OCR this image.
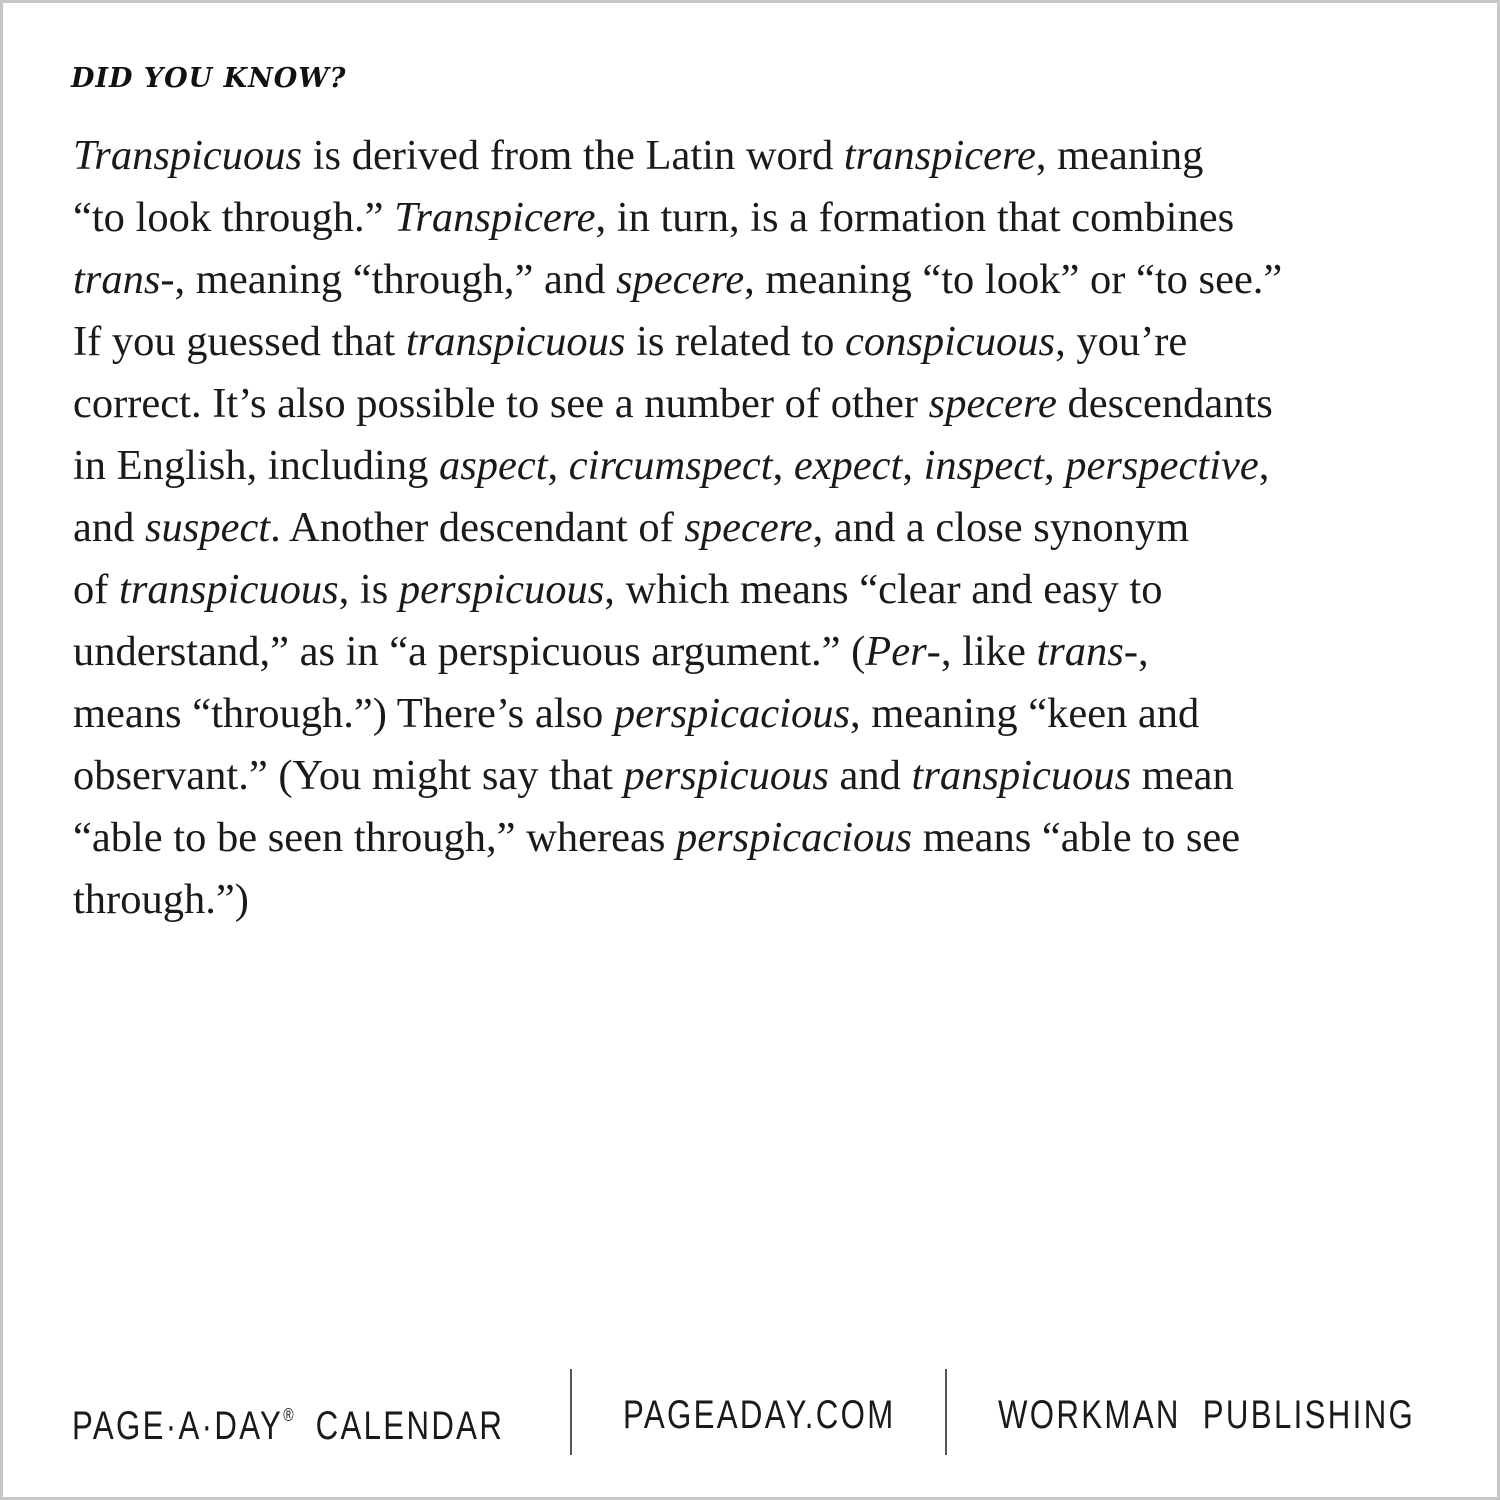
DID YOU KNOW?
Transpicuous is derived from the Latin word transpicere, meaning
“to look through.” Transpicere, in turn, is a formation that combines
trans-, meaning “through,” and specere, meaning “to look” or “to see.”
If you guessed that transpicuous is related to conspicuous, you’re
correct. It’s also possible to see a number of other specere descendants
in English, including aspect, circumspect, expect, inspect, perspective,
and suspect. Another descendant of specere, and a close synonym
of transpicuous, is perspicuous, which means “clear and easy to
understand,” as in “a perspicuous argument.” (Per-, like trans-,
means “through.”) There’s also perspicacious, meaning “keen and
observant.” (You might say that perspicuous and transpicuous mean
“able to be seen through,” whereas perspicacious means “able to see
through.”)
PAGE·A·DAY® CALENDAR	PAGEADAY.COM	WORKMAN  PUBLISHING
